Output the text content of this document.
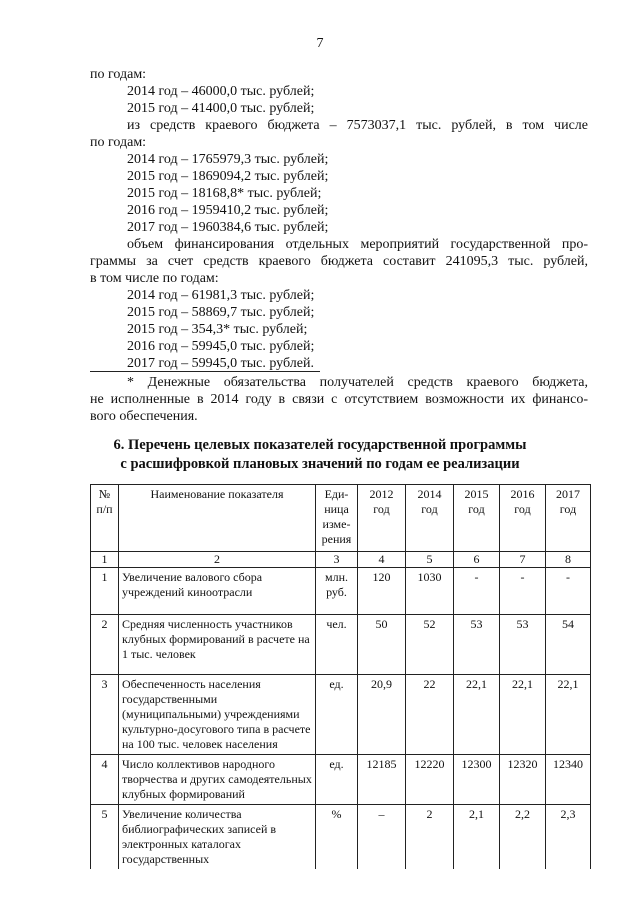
7
по годам:
2014 год – 46000,0 тыс. рублей;
2015 год – 41400,0 тыс. рублей;
из средств краевого бюджета – 7573037,1 тыс. рублей, в том числе
по годам:
2014 год – 1765979,3 тыс. рублей;
2015 год – 1869094,2 тыс. рублей;
2015 год – 18168,8* тыс. рублей;
2016 год – 1959410,2 тыс. рублей;
2017 год – 1960384,6 тыс. рублей;
объем финансирования отдельных мероприятий государственной про-
граммы за счет средств краевого бюджета составит 241095,3 тыс. рублей,
в том числе по годам:
2014 год – 61981,3 тыс. рублей;
2015 год – 58869,7 тыс. рублей;
2015 год – 354,3* тыс. рублей;
2016 год – 59945,0 тыс. рублей;
2017 год – 59945,0 тыс. рублей.
* Денежные обязательства получателей средств краевого бюджета,
не исполненные в 2014 году в связи с отсутствием возможности их финансо-
вого обеспечения.
6. Перечень целевых показателей государственной программы
с расшифровкой плановых значений по годам ее реализации
№ п/п	Наименование показателя	Еди-ница изме-рения	2012 год	2014 год	2015 год	2016 год	2017 год
1	2	3	4	5	6	7	8
1	Увеличение валового сбора учреждений киноотрасли	млн. руб.	120	1030	-	-	-
2	Средняя численность участников клубных формирований в расчете на 1 тыс. человек	чел.	50	52	53	53	54
3	Обеспеченность населения государственными (муниципальными) учреждениями культурно-досугового типа в расчете на 100 тыс. человек населения	ед.	20,9	22	22,1	22,1	22,1
4	Число коллективов народного творчества и других самодеятельных клубных формирований	ед.	12185	12220	12300	12320	12340
5	Увеличение количества библиографических записей в электронных каталогах государственных	%	–	2	2,1	2,2	2,3
